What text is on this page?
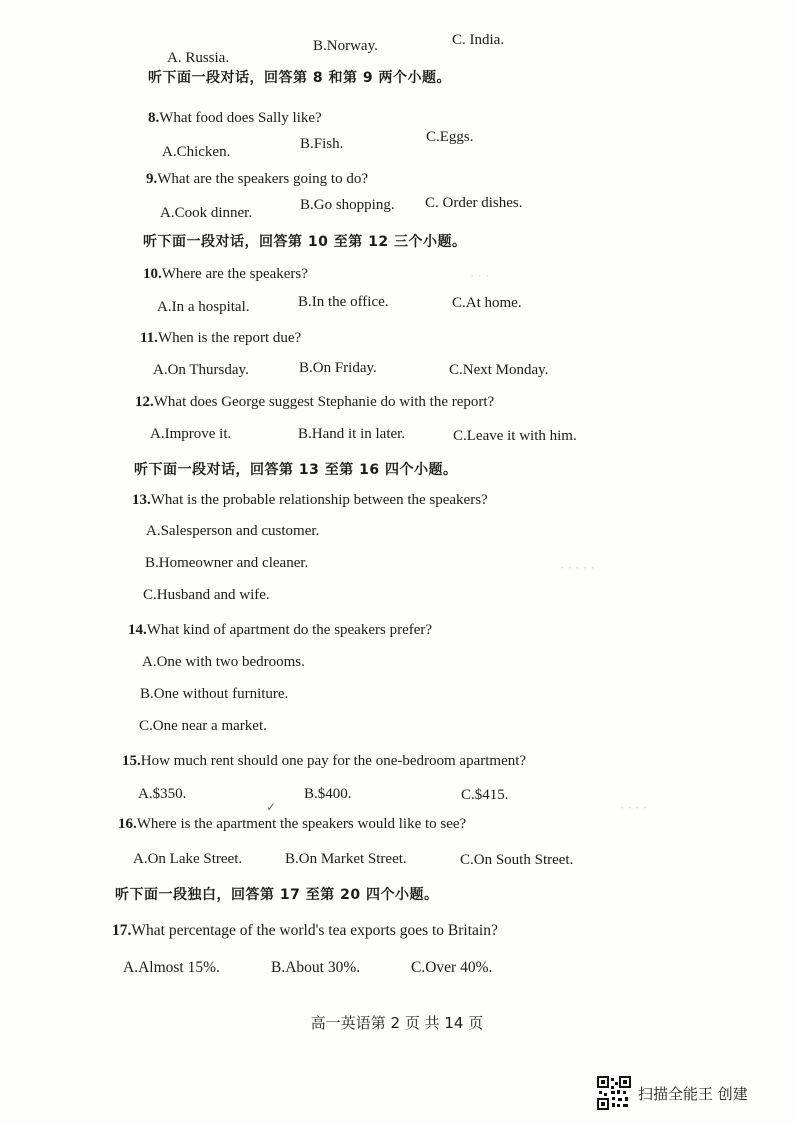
· · ·
· · · · ·
· · · ·
A. Russia.
B.Norway.	C. India.
听下面一段对话，回答第 8 和第 9 两个小题。
8.What food does Sally like?
A.Chicken.	B.Fish.	C.Eggs.
9.What are the speakers going to do?
A.Cook dinner.	B.Go shopping. C. Order dishes.
听下面一段对话，回答第 10 至第 12 三个小题。
10.Where are the speakers?
A.In a hospital.	B.In the office.	C.At home.
11.When is the report due?
A.On Thursday.	B.On Friday.	C.Next Monday.
12.What does George suggest Stephanie do with the report?
A.Improve it.	B.Hand it in later.	C.Leave it with him.
听下面一段对话，回答第 13 至第 16 四个小题。
13.What is the probable relationship between the speakers?
A.Salesperson and customer.
B.Homeowner and cleaner.
C.Husband and wife.
14.What kind of apartment do the speakers prefer?
A.One with two bedrooms.
B.One without furniture.
C.One near a market.
15.How much rent should one pay for the one-bedroom apartment?
A.$350.	B.$400.	C.$415.
✓
16.Where is the apartment the speakers would like to see?
A.On Lake Street.	B.On Market Street.	C.On South Street.
听下面一段独白，回答第 17 至第 20 四个小题。
17.What percentage of the world's tea exports goes to Britain?
A.Almost 15%.	B.About 30%.	C.Over 40%.
高一英语第 2 页 共 14 页
扫描全能王 创建
